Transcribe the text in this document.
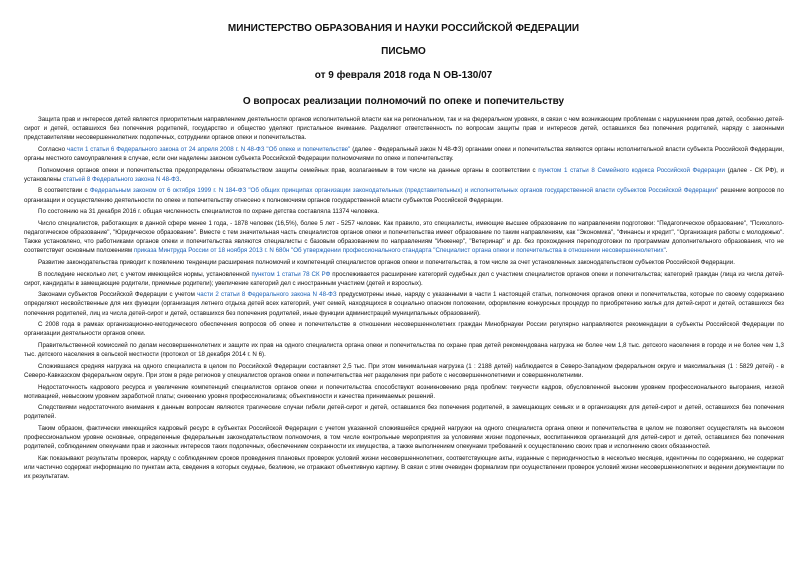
МИНИСТЕРСТВО ОБРАЗОВАНИЯ И НАУКИ РОССИЙСКОЙ ФЕДЕРАЦИИ
ПИСЬМО
от 9 февраля 2018 года N ОВ-130/07
О вопросах реализации полномочий по опеке и попечительству

Защита прав и интересов детей является приоритетным направлением деятельности органов исполнительной власти как на региональном, так и на федеральном уровнях, в связи с чем возникающим проблемам с нарушением прав детей, особенно детей-сирот и детей, оставшихся без попечения родителей, государство и общество уделяют пристальное внимание. Разделяют ответственность по вопросам защиты прав и интересов детей, оставшихся без попечения родителей, наряду с законными представителями несовершеннолетних подопечных, сотрудники органов опеки и попечительства.

Согласно части 1 статьи 6 Федерального закона от 24 апреля 2008 г. N 48-ФЗ "Об опеке и попечительстве" (далее - Федеральный закон N 48-ФЗ) органами опеки и попечительства являются органы исполнительной власти субъекта Российской Федерации, органы местного самоуправления в случае, если они наделены законом субъекта Российской Федерации полномочиями по опеке и попечительству.

Полномочия органов опеки и попечительства предопределены обязательством защиты семейных прав, возлагаемым в том числе на данные органы в соответствии с пунктом 1 статьи 8 Семейного кодекса Российской Федерации (далее - СК РФ), и установлены статьей 8 Федерального закона N 48-ФЗ.

В соответствии с Федеральным законом от 6 октября 1999 г. N 184-ФЗ "Об общих принципах организации законодательных (представительных) и исполнительных органов государственной власти субъектов Российской Федерации" решение вопросов по организации и осуществлению деятельности по опеке и попечительству отнесено к полномочиям органов государственной власти субъектов Российской Федерации.

По состоянию на 31 декабря 2016 г. общая численность специалистов по охране детства составляла 11374 человека.

Число специалистов, работающих в данной сфере менее 1 года, - 1878 человек (16,5%), более 5 лет - 5257 человек. Как правило, это специалисты, имеющие высшее образование по направлениям подготовки: "Педагогическое образование", "Психолого-педагогическое образование", "Юридическое образование". Вместе с тем значительная часть специалистов органов опеки и попечительства имеет образование по таким направлениям, как "Экономика", "Финансы и кредит", "Организация работы с молодежью". Также установлено, что работниками органов опеки и попечительства являются специалисты с базовым образованием по направлениям "Инженер", "Ветеринар" и др. без прохождения переподготовки по программам дополнительного образования, что не соответствует основным положениям приказа Минтруда России от 18 ноября 2013 г. N 680н "Об утверждении профессионального стандарта "Специалист органа опеки и попечительства в отношении несовершеннолетних".

Развитие законодательства приводит к появлению тенденции расширения полномочий и компетенций специалистов органов опеки и попечительства, в том числе за счет установленных законодательством субъектов Российской Федерации.

В последние несколько лет, с учетом имеющейся нормы, установленной пунктом 1 статьи 78 СК РФ прослеживается расширение категорий судебных дел с участием специалистов органов опеки и попечительства; категорий граждан (лица из числа детей-сирот, кандидаты в замещающие родители, приемные родители); увеличение категорий дел с иностранным участием (детей и взрослых).

Законами субъектов Российской Федерации с учетом части 2 статьи 8 Федерального закона N 48-ФЗ предусмотрены иные, наряду с указанными в части 1 настоящей статьи, полномочия органов опеки и попечительства, которые по своему содержанию определяют несвойственные для них функции (организация летнего отдыха детей всех категорий, учет семей, находящихся в социально опасном положении, оформление конкурсных процедур по приобретению жилья для детей-сирот и детей, оставшихся без попечения родителей, лиц из числа детей-сирот и детей, оставшихся без попечения родителей, иные функции администраций муниципальных образований).

С 2008 года в рамках организационно-методического обеспечения вопросов об опеке и попечительстве в отношении несовершеннолетних граждан Минобрнауки России регулярно направляются рекомендации в субъекты Российской Федерации по организации деятельности органов опеки.

Правительственной комиссией по делам несовершеннолетних и защите их прав на одного специалиста органа опеки и попечительства по охране прав детей рекомендована нагрузка не более чем 1,8 тыс. детского населения в городе и не более чем 1,3 тыс. детского населения в сельской местности (протокол от 18 декабря 2014 г. N 6).

Сложившаяся средняя нагрузка на одного специалиста в целом по Российской Федерации составляет 2,5 тыс. При этом минимальная нагрузка (1 : 2188 детей) наблюдается в Северо-Западном федеральном округе и максимальная (1 : 5829 детей) - в Северо-Кавказском федеральном округе. При этом в ряде регионов у специалистов органов опеки и попечительства нет разделения при работе с несовершеннолетними и совершеннолетними.

Недостаточность кадрового ресурса и увеличение компетенций специалистов органов опеки и попечительства способствуют возникновению ряда проблем: текучести кадров, обусловленной высоким уровнем профессионального выгорания, низкой мотивацией, невысоким уровнем заработной платы; снижению уровня профессионализма; объективности и качества принимаемых решений.

Следствиями недостаточного внимания к данным вопросам являются трагические случаи гибели детей-сирот и детей, оставшихся без попечения родителей, в замещающих семьях и в организациях для детей-сирот и детей, оставшихся без попечения родителей.

Таким образом, фактически имеющийся кадровый ресурс в субъектах Российской Федерации с учетом указанной сложившейся средней нагрузки на одного специалиста органа опеки и попечительства в целом не позволяет осуществлять на высоком профессиональном уровне основные, определенные федеральным законодательством полномочия, в том числе контрольные мероприятия за условиями жизни подопечных, воспитанников организаций для детей-сирот и детей, оставшихся без попечения родителей, соблюдением опекунами прав и законных интересов таких подопечных, обеспечением сохранности их имущества, а также выполнением опекунами требований к осуществлению своих прав и исполнению своих обязанностей.

Как показывают результаты проверок, наряду с соблюдением сроков проведения плановых проверок условий жизни несовершеннолетних, соответствующие акты, изданные с периодичностью в несколько месяцев, идентичны по содержанию, не содержат или частично содержат информацию по пунктам акта, сведения в которых скудные, безликие, не отражают объективную картину. В связи с этим очевиден формализм при осуществлении проверок условий жизни несовершеннолетних и ведении документации по их результатам.
